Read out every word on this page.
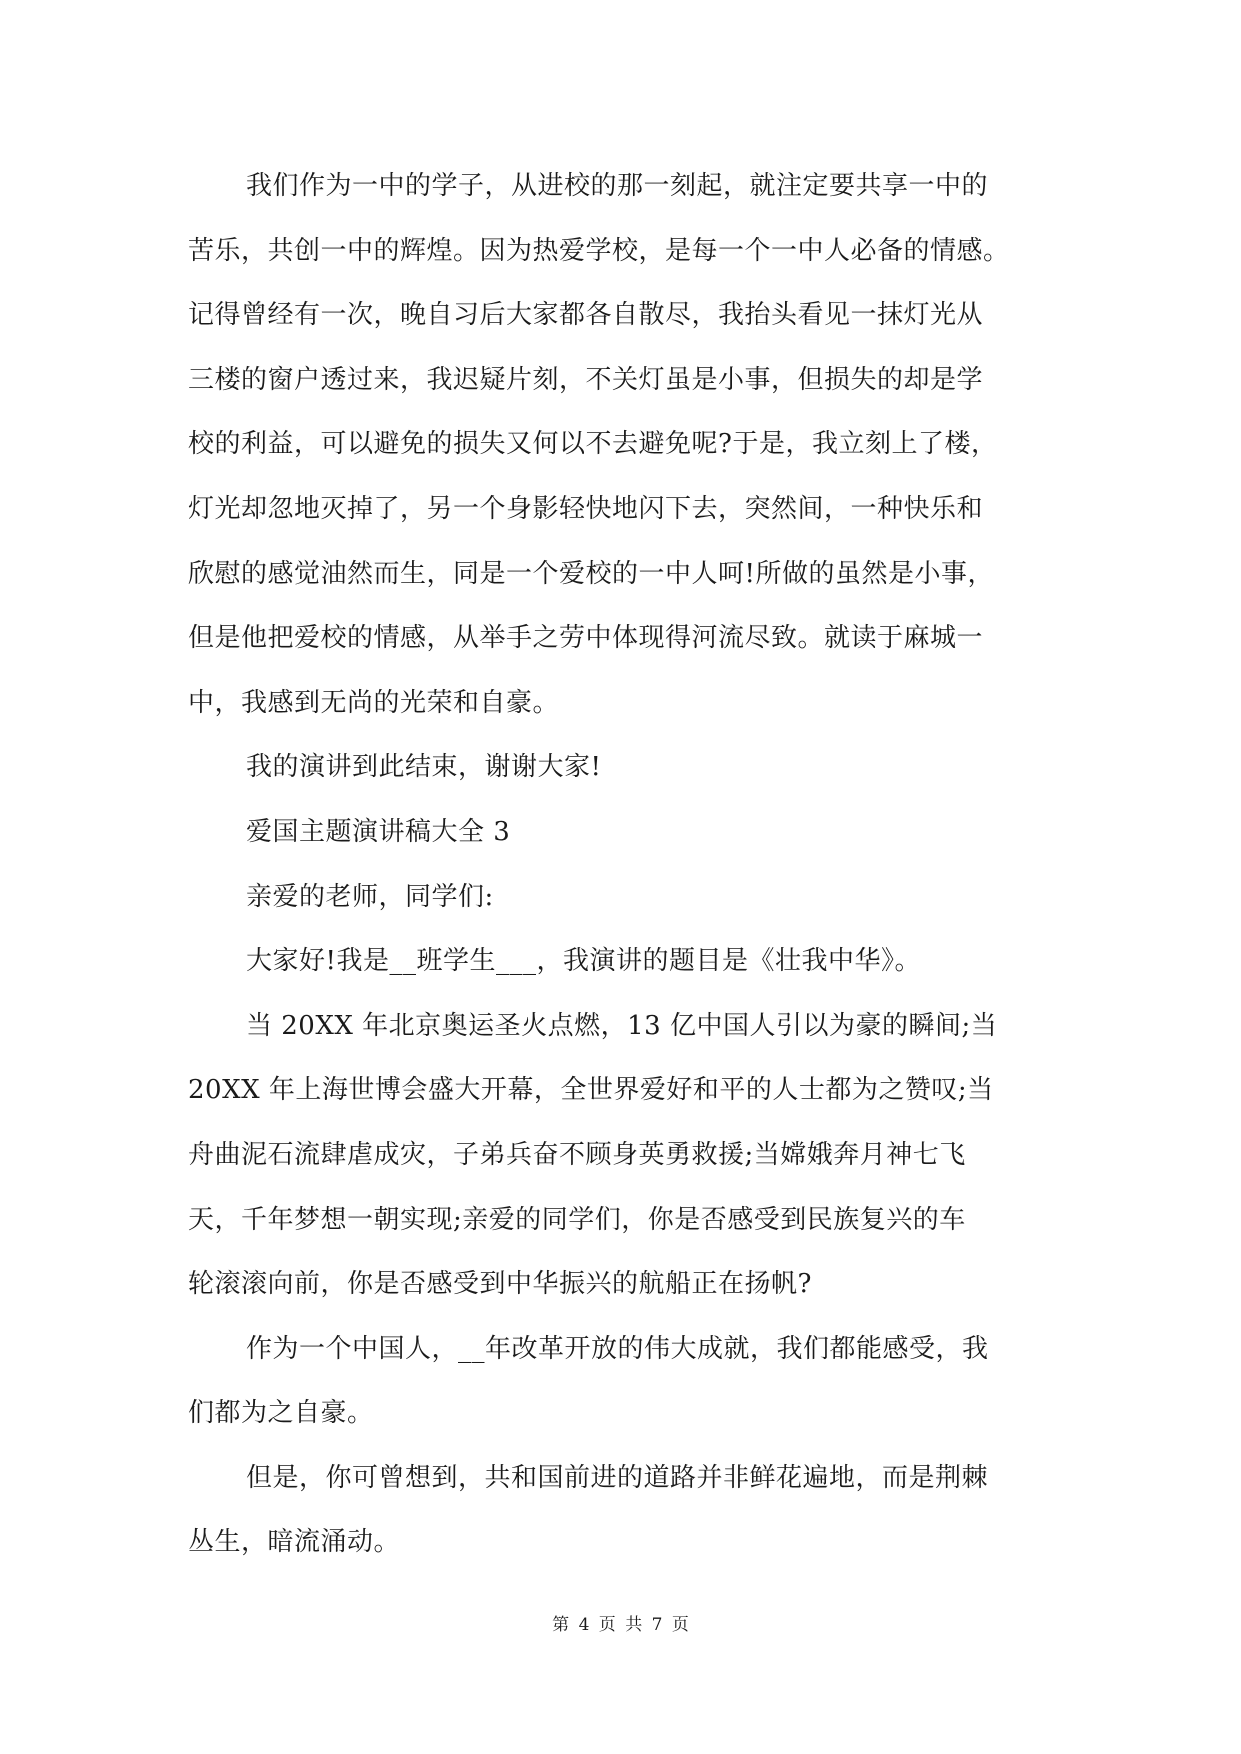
我们作为一中的学子，从进校的那一刻起，就注定要共享一中的
苦乐，共创一中的辉煌。因为热爱学校，是每一个一中人必备的情感。
记得曾经有一次，晚自习后大家都各自散尽，我抬头看见一抹灯光从
三楼的窗户透过来，我迟疑片刻，不关灯虽是小事，但损失的却是学
校的利益，可以避免的损失又何以不去避免呢?于是，我立刻上了楼，
灯光却忽地灭掉了，另一个身影轻快地闪下去，突然间，一种快乐和
欣慰的感觉油然而生，同是一个爱校的一中人呵!所做的虽然是小事，
但是他把爱校的情感，从举手之劳中体现得河流尽致。就读于麻城一
中，我感到无尚的光荣和自豪。
我的演讲到此结束，谢谢大家!
爱国主题演讲稿大全 3
亲爱的老师，同学们:
大家好!我是__班学生___，我演讲的题目是《壮我中华》。
当 20XX 年北京奥运圣火点燃，13 亿中国人引以为豪的瞬间;当
20XX 年上海世博会盛大开幕，全世界爱好和平的人士都为之赞叹;当
舟曲泥石流肆虐成灾，子弟兵奋不顾身英勇救援;当嫦娥奔月神七飞
天，千年梦想一朝实现;亲爱的同学们，你是否感受到民族复兴的车
轮滚滚向前，你是否感受到中华振兴的航船正在扬帆?
作为一个中国人，__年改革开放的伟大成就，我们都能感受，我
们都为之自豪。
但是，你可曾想到，共和国前进的道路并非鲜花遍地，而是荆棘
丛生，暗流涌动。
第 4 页 共 7 页
